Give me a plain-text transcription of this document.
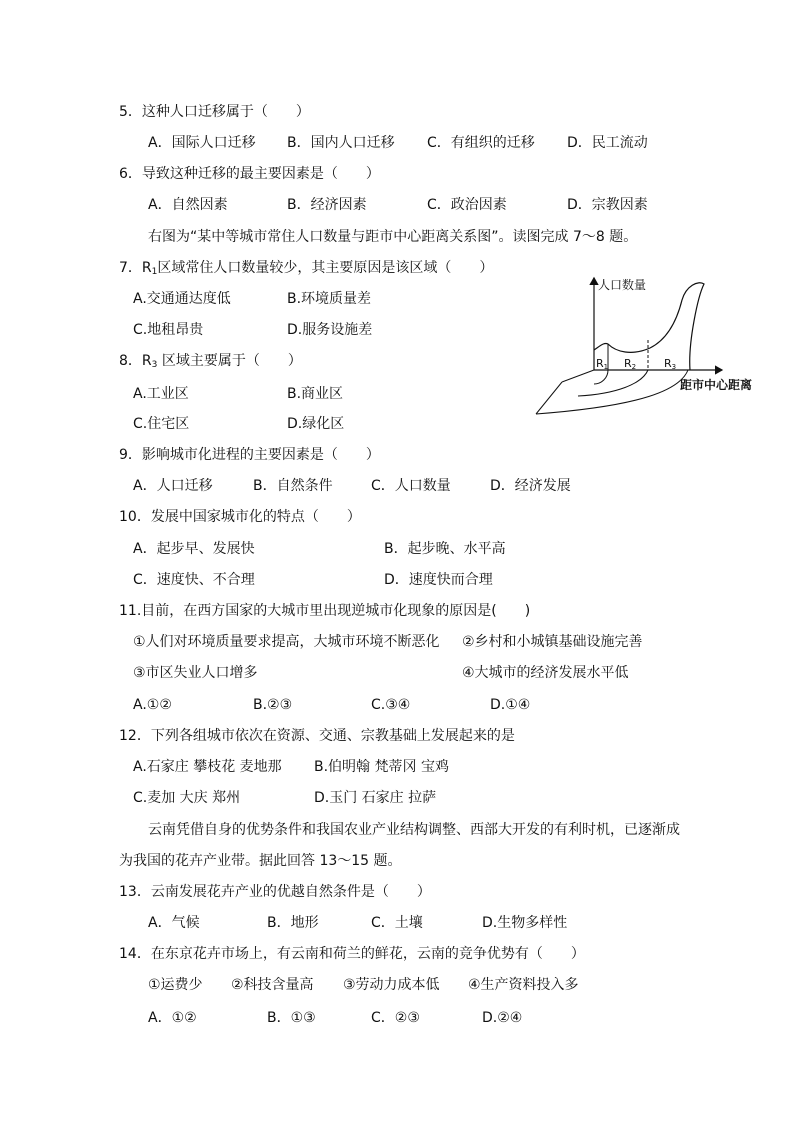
5．这种人口迁移属于（　　）
A．国际人口迁移 B．国内人口迁移 C．有组织的迁移 D．民工流动
6．导致这种迁移的最主要因素是（　　）
A．自然因素	B．经济因素	C．政治因素	D．宗教因素
右图为“某中等城市常住人口数量与距市中心距离关系图”。读图完成 7～8 题。
7．$R_1$区域常住人口数量较少，其主要原因是该区域（　　）
A.交通通达度低	B.环境质量差
C.地租昂贵	D.服务设施差
8．$R_3$ 区域主要属于（　　）
A.工业区	B.商业区
C.住宅区	D.绿化区
人口数量
距市中心距离
R1 R2	R3
9．影响城市化进程的主要因素是（　　）
A．人口迁移	B．自然条件	C．人口数量	D．经济发展
10．发展中国家城市化的特点（　　）
A．起步早、发展快	B．起步晚、水平高
C．速度快、不合理	D．速度快而合理
11.目前，在西方国家的大城市里出现逆城市化现象的原因是(　　)
①人们对环境质量要求提高，大城市环境不断恶化 ②乡村和小城镇基础设施完善
③市区失业人口增多	④大城市的经济发展水平低
A.①②	B.②③	C.③④	D.①④
12．下列各组城市依次在资源、交通、宗教基础上发展起来的是
A.石家庄 攀枝花 麦地那 B.伯明翰 梵蒂冈 宝鸡
C.麦加 大庆 郑州	D.玉门 石家庄 拉萨
云南凭借自身的优势条件和我国农业产业结构调整、西部大开发的有利时机，已逐渐成
为我国的花卉产业带。据此回答 13～15 题。
13．云南发展花卉产业的优越自然条件是（　　）
A．气候	B．地形	C．土壤	D.生物多样性
14．在东京花卉市场上，有云南和荷兰的鲜花，云南的竞争优势有（　　）
①运费少 ②科技含量高 ③劳动力成本低 ④生产资料投入多
A．①②	B．①③	C．②③	D.②④
